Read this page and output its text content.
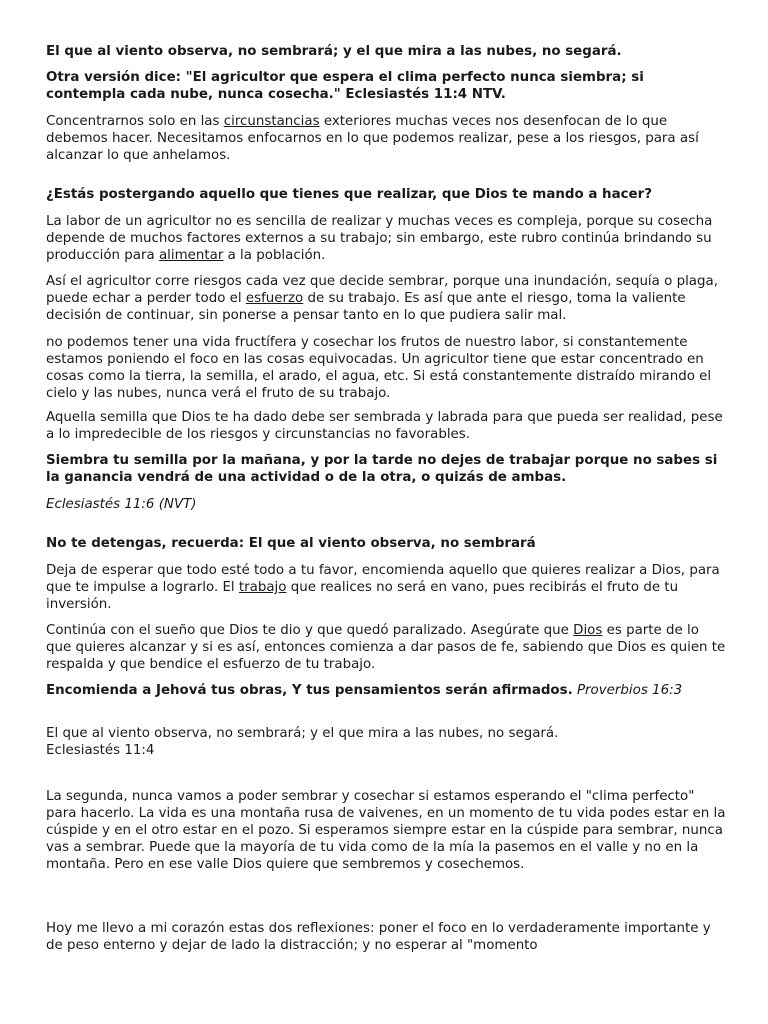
El que al viento observa, no sembrará; y el que mira a las nubes, no segará.

Otra versión dice: "El agricultor que espera el clima perfecto nunca siembra; si contempla cada nube, nunca cosecha." Eclesiastés 11:4 NTV.

Concentrarnos solo en las circunstancias exteriores muchas veces nos desenfocan de lo que debemos hacer. Necesitamos enfocarnos en lo que podemos realizar, pese a los riesgos, para así alcanzar lo que anhelamos.

¿Estás postergando aquello que tienes que realizar, que Dios te mando a hacer?

La labor de un agricultor no es sencilla de realizar y muchas veces es compleja, porque su cosecha depende de muchos factores externos a su trabajo; sin embargo, este rubro continúa brindando su producción para alimentar a la población.

Así el agricultor corre riesgos cada vez que decide sembrar, porque una inundación, sequía o plaga, puede echar a perder todo el esfuerzo de su trabajo. Es así que ante el riesgo, toma la valiente decisión de continuar, sin ponerse a pensar tanto en lo que pudiera salir mal.

no podemos tener una vida fructífera y cosechar los frutos de nuestro labor, si constantemente estamos poniendo el foco en las cosas equivocadas. Un agricultor tiene que estar concentrado en cosas como la tierra, la semilla, el arado, el agua, etc. Si está constantemente distraído mirando el cielo y las nubes, nunca verá el fruto de su trabajo.

Aquella semilla que Dios te ha dado debe ser sembrada y labrada para que pueda ser realidad, pese a lo impredecible de los riesgos y circunstancias no favorables.

Siembra tu semilla por la mañana, y por la tarde no dejes de trabajar porque no sabes si la ganancia vendrá de una actividad o de la otra, o quizás de ambas.

Eclesiastés 11:6 (NVT)

No te detengas, recuerda: El que al viento observa, no sembrará

Deja de esperar que todo esté todo a tu favor, encomienda aquello que quieres realizar a Dios, para que te impulse a lograrlo. El trabajo que realices no será en vano, pues recibirás el fruto de tu inversión.

Continúa con el sueño que Dios te dio y que quedó paralizado. Asegúrate que Dios es parte de lo que quieres alcanzar y si es así, entonces comienza a dar pasos de fe, sabiendo que Dios es quien te respalda y que bendice el esfuerzo de tu trabajo.

Encomienda a Jehová tus obras, Y tus pensamientos serán afirmados. Proverbios 16:3

El que al viento observa, no sembrará; y el que mira a las nubes, no segará.
Eclesiastés 11:4

La segunda, nunca vamos a poder sembrar y cosechar si estamos esperando el "clima perfecto" para hacerlo. La vida es una montaña rusa de vaivenes, en un momento de tu vida podes estar en la cúspide y en el otro estar en el pozo. Si esperamos siempre estar en la cúspide para sembrar, nunca vas a sembrar. Puede que la mayoría de tu vida como de la mía la pasemos en el valle y no en la montaña. Pero en ese valle Dios quiere que sembremos y cosechemos.

Hoy me llevo a mi corazón estas dos reflexiones: poner el foco en lo verdaderamente importante y de peso enterno y dejar de lado la distracción; y no esperar al "momento
